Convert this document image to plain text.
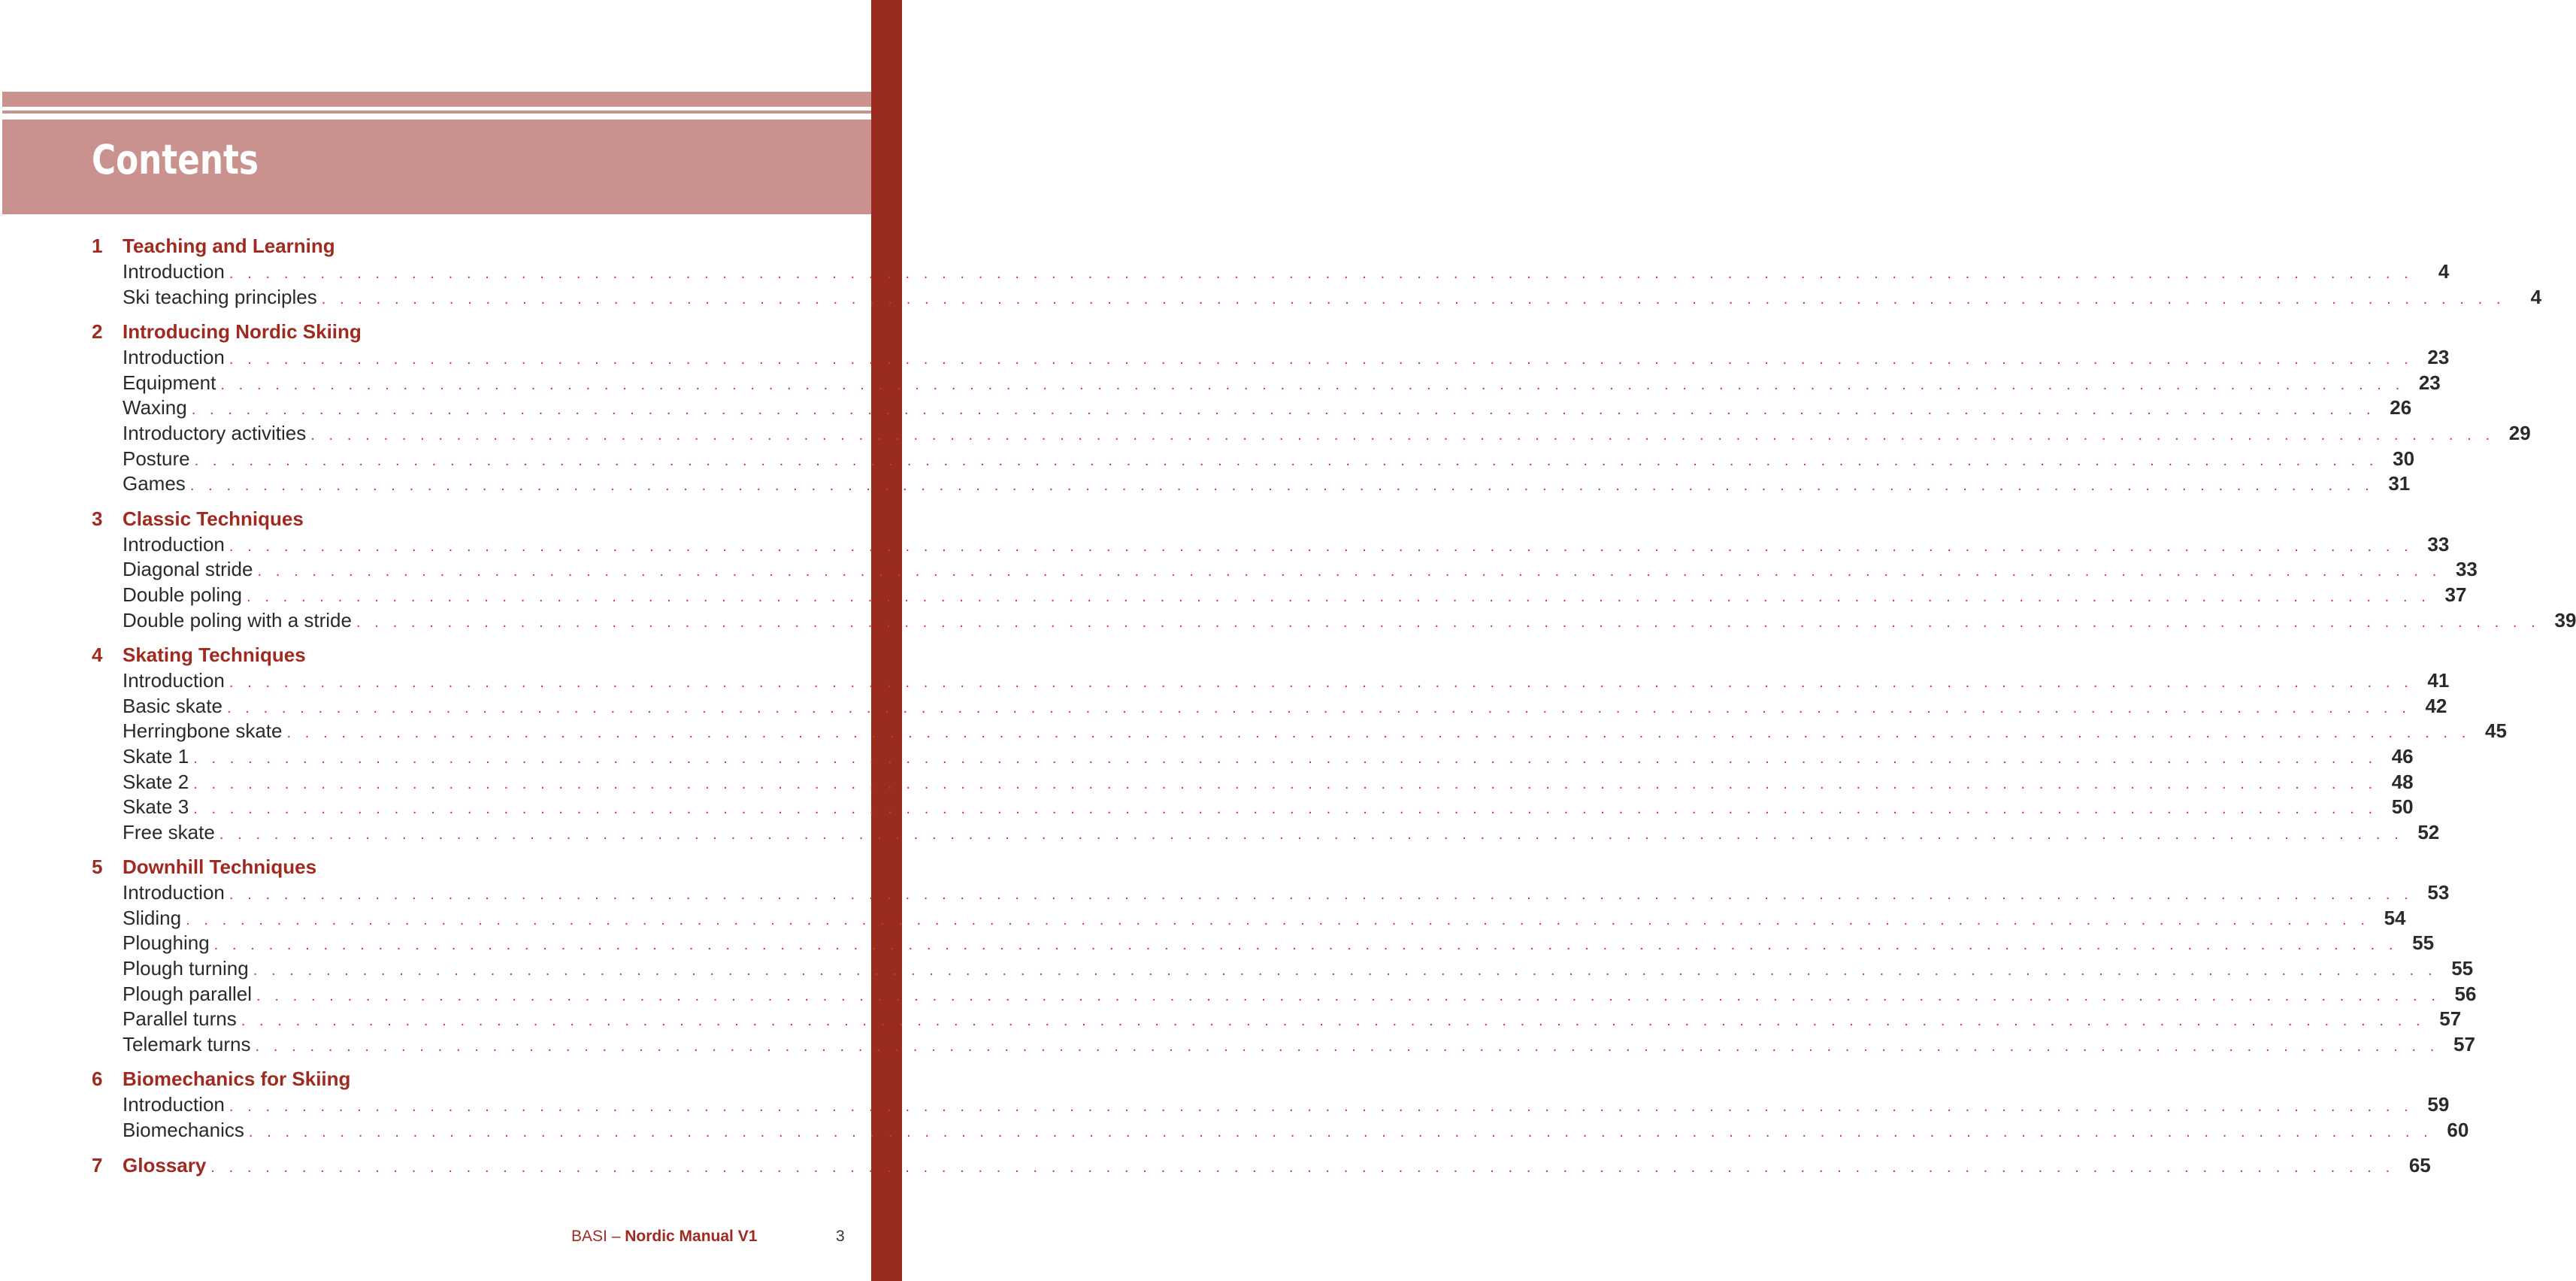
Contents
1	Teaching and Learning
Introduction . . . . . . . . . . . . . . . . . . . . . . . . . . . . . . . . . . . . . . . . . . . . . . . . . . . . . . . . . . . . . . . . . . . . . . . . . . . . . . . . . . . . . . . . . . . . . . . . . . . . . . . . . . . . . . . . . . . . . . . .	4
Ski teaching principles . . . . . . . . . . . . . . . . . . . . . . . . . . . . . . . . . . . . . . . . . . . . . . . . . . . . . . . . . . . . . . . . . . . . . . . . . . . . . . . . . . . . . . . . . . . . . . . . . . . . . . . . . . . . . . . . . . . . . . . .	4
2	Introducing Nordic Skiing
Introduction . . . . . . . . . . . . . . . . . . . . . . . . . . . . . . . . . . . . . . . . . . . . . . . . . . . . . . . . . . . . . . . . . . . . . . . . . . . . . . . . . . . . . . . . . . . . . . . . . . . . . . . . . . . . . . . . . . . . . . . . 23
Equipment . . . . . . . . . . . . . . . . . . . . . . . . . . . . . . . . . . . . . . . . . . . . . . . . . . . . . . . . . . . . . . . . . . . . . . . . . . . . . . . . . . . . . . . . . . . . . . . . . . . . . . . . . . . . . . . . . . . . . . . . 23
Waxing . . . . . . . . . . . . . . . . . . . . . . . . . . . . . . . . . . . . . . . . . . . . . . . . . . . . . . . . . . . . . . . . . . . . . . . . . . . . . . . . . . . . . . . . . . . . . . . . . . . . . . . . . . . . . . . . . . . . . . . . 26
Introductory activities . . . . . . . . . . . . . . . . . . . . . . . . . . . . . . . . . . . . . . . . . . . . . . . . . . . . . . . . . . . . . . . . . . . . . . . . . . . . . . . . . . . . . . . . . . . . . . . . . . . . . . . . . . . . . . . . . . . . . . . . 29
Posture . . . . . . . . . . . . . . . . . . . . . . . . . . . . . . . . . . . . . . . . . . . . . . . . . . . . . . . . . . . . . . . . . . . . . . . . . . . . . . . . . . . . . . . . . . . . . . . . . . . . . . . . . . . . . . . . . . . . . . . . 30
Games . . . . . . . . . . . . . . . . . . . . . . . . . . . . . . . . . . . . . . . . . . . . . . . . . . . . . . . . . . . . . . . . . . . . . . . . . . . . . . . . . . . . . . . . . . . . . . . . . . . . . . . . . . . . . . . . . . . . . . . . 31
3	Classic Techniques
Introduction . . . . . . . . . . . . . . . . . . . . . . . . . . . . . . . . . . . . . . . . . . . . . . . . . . . . . . . . . . . . . . . . . . . . . . . . . . . . . . . . . . . . . . . . . . . . . . . . . . . . . . . . . . . . . . . . . . . . . . . . 33
Diagonal stride . . . . . . . . . . . . . . . . . . . . . . . . . . . . . . . . . . . . . . . . . . . . . . . . . . . . . . . . . . . . . . . . . . . . . . . . . . . . . . . . . . . . . . . . . . . . . . . . . . . . . . . . . . . . . . . . . . . . . . . . 33
Double poling . . . . . . . . . . . . . . . . . . . . . . . . . . . . . . . . . . . . . . . . . . . . . . . . . . . . . . . . . . . . . . . . . . . . . . . . . . . . . . . . . . . . . . . . . . . . . . . . . . . . . . . . . . . . . . . . . . . . . . . . 37
Double poling with a stride . . . . . . . . . . . . . . . . . . . . . . . . . . . . . . . . . . . . . . . . . . . . . . . . . . . . . . . . . . . . . . . . . . . . . . . . . . . . . . . . . . . . . . . . . . . . . . . . . . . . . . . . . . . . . . . . . . . . . . . . 39
4	Skating Techniques
Introduction . . . . . . . . . . . . . . . . . . . . . . . . . . . . . . . . . . . . . . . . . . . . . . . . . . . . . . . . . . . . . . . . . . . . . . . . . . . . . . . . . . . . . . . . . . . . . . . . . . . . . . . . . . . . . . . . . . . . . . . . 41
Basic skate . . . . . . . . . . . . . . . . . . . . . . . . . . . . . . . . . . . . . . . . . . . . . . . . . . . . . . . . . . . . . . . . . . . . . . . . . . . . . . . . . . . . . . . . . . . . . . . . . . . . . . . . . . . . . . . . . . . . . . . . 42
Herringbone skate . . . . . . . . . . . . . . . . . . . . . . . . . . . . . . . . . . . . . . . . . . . . . . . . . . . . . . . . . . . . . . . . . . . . . . . . . . . . . . . . . . . . . . . . . . . . . . . . . . . . . . . . . . . . . . . . . . . . . . . . 45
Skate 1 . . . . . . . . . . . . . . . . . . . . . . . . . . . . . . . . . . . . . . . . . . . . . . . . . . . . . . . . . . . . . . . . . . . . . . . . . . . . . . . . . . . . . . . . . . . . . . . . . . . . . . . . . . . . . . . . . . . . . . . . 46
Skate 2 . . . . . . . . . . . . . . . . . . . . . . . . . . . . . . . . . . . . . . . . . . . . . . . . . . . . . . . . . . . . . . . . . . . . . . . . . . . . . . . . . . . . . . . . . . . . . . . . . . . . . . . . . . . . . . . . . . . . . . . . 48
Skate 3 . . . . . . . . . . . . . . . . . . . . . . . . . . . . . . . . . . . . . . . . . . . . . . . . . . . . . . . . . . . . . . . . . . . . . . . . . . . . . . . . . . . . . . . . . . . . . . . . . . . . . . . . . . . . . . . . . . . . . . . . 50
Free skate . . . . . . . . . . . . . . . . . . . . . . . . . . . . . . . . . . . . . . . . . . . . . . . . . . . . . . . . . . . . . . . . . . . . . . . . . . . . . . . . . . . . . . . . . . . . . . . . . . . . . . . . . . . . . . . . . . . . . . . . 52
5	Downhill Techniques
Introduction . . . . . . . . . . . . . . . . . . . . . . . . . . . . . . . . . . . . . . . . . . . . . . . . . . . . . . . . . . . . . . . . . . . . . . . . . . . . . . . . . . . . . . . . . . . . . . . . . . . . . . . . . . . . . . . . . . . . . . . . 53
Sliding . . . . . . . . . . . . . . . . . . . . . . . . . . . . . . . . . . . . . . . . . . . . . . . . . . . . . . . . . . . . . . . . . . . . . . . . . . . . . . . . . . . . . . . . . . . . . . . . . . . . . . . . . . . . . . . . . . . . . . . . 54
Ploughing . . . . . . . . . . . . . . . . . . . . . . . . . . . . . . . . . . . . . . . . . . . . . . . . . . . . . . . . . . . . . . . . . . . . . . . . . . . . . . . . . . . . . . . . . . . . . . . . . . . . . . . . . . . . . . . . . . . . . . . . 55
Plough turning . . . . . . . . . . . . . . . . . . . . . . . . . . . . . . . . . . . . . . . . . . . . . . . . . . . . . . . . . . . . . . . . . . . . . . . . . . . . . . . . . . . . . . . . . . . . . . . . . . . . . . . . . . . . . . . . . . . . . . . . 55
Plough parallel . . . . . . . . . . . . . . . . . . . . . . . . . . . . . . . . . . . . . . . . . . . . . . . . . . . . . . . . . . . . . . . . . . . . . . . . . . . . . . . . . . . . . . . . . . . . . . . . . . . . . . . . . . . . . . . . . . . . . . . . 56
Parallel turns . . . . . . . . . . . . . . . . . . . . . . . . . . . . . . . . . . . . . . . . . . . . . . . . . . . . . . . . . . . . . . . . . . . . . . . . . . . . . . . . . . . . . . . . . . . . . . . . . . . . . . . . . . . . . . . . . . . . . . . . 57
Telemark turns . . . . . . . . . . . . . . . . . . . . . . . . . . . . . . . . . . . . . . . . . . . . . . . . . . . . . . . . . . . . . . . . . . . . . . . . . . . . . . . . . . . . . . . . . . . . . . . . . . . . . . . . . . . . . . . . . . . . . . . . 57
6	Biomechanics for Skiing
Introduction . . . . . . . . . . . . . . . . . . . . . . . . . . . . . . . . . . . . . . . . . . . . . . . . . . . . . . . . . . . . . . . . . . . . . . . . . . . . . . . . . . . . . . . . . . . . . . . . . . . . . . . . . . . . . . . . . . . . . . . . 59
Biomechanics . . . . . . . . . . . . . . . . . . . . . . . . . . . . . . . . . . . . . . . . . . . . . . . . . . . . . . . . . . . . . . . . . . . . . . . . . . . . . . . . . . . . . . . . . . . . . . . . . . . . . . . . . . . . . . . . . . . . . . . . 60
7	Glossary . . . . . . . . . . . . . . . . . . . . . . . . . . . . . . . . . . . . . . . . . . . . . . . . . . . . . . . . . . . . . . . . . . . . . . . . . . . . . . . . . . . . . . . . . . . . . . . . . . . . . . . . . . . . . . . . . . . . . . . . 65
BASI – Nordic Manual V1	3
